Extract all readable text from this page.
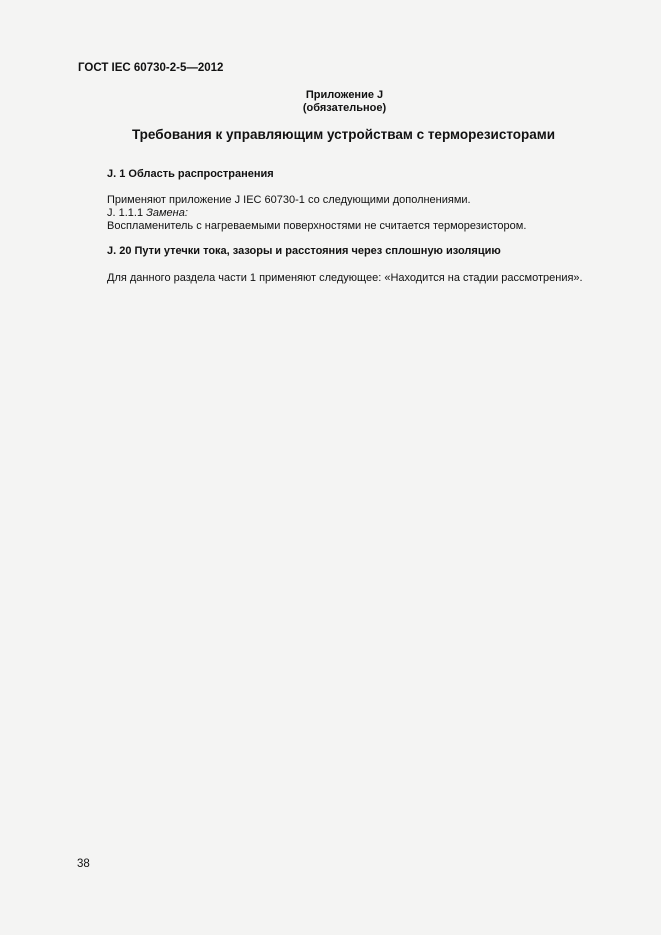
ГОСТ IEC 60730-2-5—2012
Приложение J
(обязательное)
Требования к управляющим устройствам с терморезисторами
J. 1 Область распространения
Применяют приложение J IEC 60730-1 со следующими дополнениями.
J. 1.1.1 Замена:
Воспламенитель с нагреваемыми поверхностями не считается терморезистором.
J. 20 Пути утечки тока, зазоры и расстояния через сплошную изоляцию
Для данного раздела части 1 применяют следующее: «Находится на стадии рассмотрения».
38
